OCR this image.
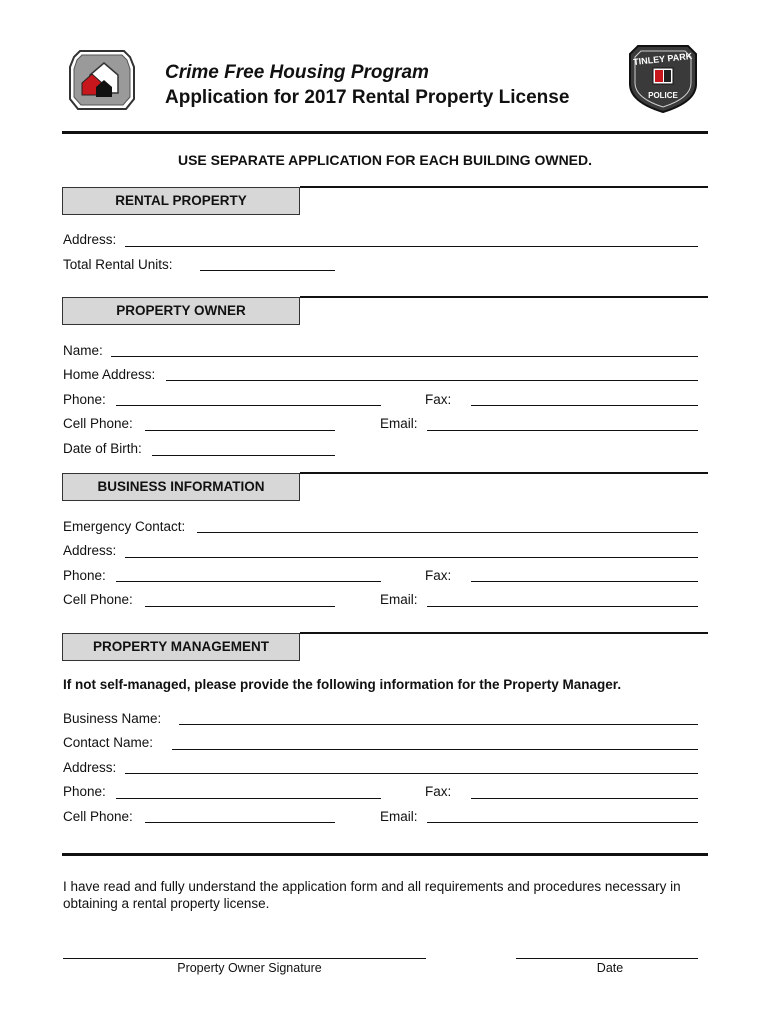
Crime Free Housing Program
Application for 2017 Rental Property License
TINLEY PARK
POLICE
USE SEPARATE APPLICATION FOR EACH BUILDING OWNED.
RENTAL PROPERTY
Address:
Total Rental Units:
PROPERTY OWNER
Name:
Home Address:
Phone:	Fax:
Cell Phone:	Email:
Date of Birth:
BUSINESS INFORMATION
Emergency Contact:
Address:
Phone:	Fax:
Cell Phone:	Email:
PROPERTY MANAGEMENT
If not self-managed, please provide the following information for the Property Manager.
Business Name:
Contact Name:
Address:
Phone:	Fax:
Cell Phone:	Email:
I have read and fully understand the application form and all requirements and procedures necessary in obtaining a rental property license.
Property Owner Signature	Date
